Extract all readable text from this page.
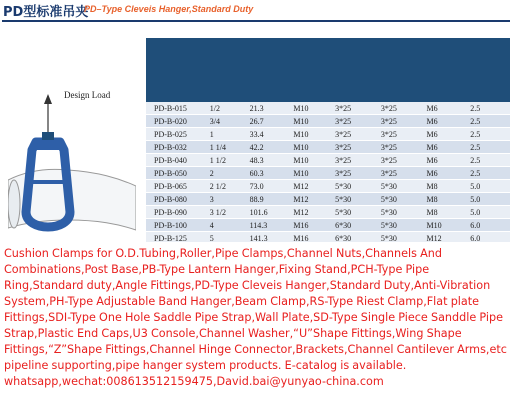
PD型标准吊夹
PD–Type Cleveis Hanger,Standard Duty
Design Load
PD-B-015	1/2	21.3	M10	3*25	3*25	M6	2.5
PD-B-020	3/4	26.7	M10	3*25	3*25	M6	2.5
PD-B-025	1	33.4	M10	3*25	3*25	M6	2.5
PD-B-032	1 1/4	42.2	M10	3*25	3*25	M6	2.5
PD-B-040	1 1/2	48.3	M10	3*25	3*25	M6	2.5
PD-B-050	2	60.3	M10	3*25	3*25	M6	2.5
PD-B-065	2 1/2	73.0	M12	5*30	5*30	M8	5.0
PD-B-080	3	88.9	M12	5*30	5*30	M8	5.0
PD-B-090	3 1/2	101.6	M12	5*30	5*30	M8	5.0
PD-B-100	4	114.3	M16	6*30	5*30	M10	6.0
PD-B-125	5	141.3	M16	6*30	5*30	M12	6.0

Cushion Clamps for O.D.Tubing,Roller,Pipe Clamps,Channel Nuts,Channels And Combinations,Post Base,PB-Type Lantern Hanger,Fixing Stand,PCH-Type Pipe Ring,Standard duty,Angle Fittings,PD-Type Cleveis Hanger,Standard Duty,Anti-Vibration System,PH-Type Adjustable Band Hanger,Beam Clamp,RS-Type Riest Clamp,Flat plate Fittings,SDI-Type One Hole Saddle Pipe Strap,Wall Plate,SD-Type Single Piece Sanddle Pipe Strap,Plastic End Caps,U3 Console,Channel Washer,“U”Shape Fittings,Wing Shape Fittings,“Z”Shape Fittings,Channel Hinge Connector,Brackets,Channel Cantilever Arms,etc pipeline supporting,pipe hanger system products. E-catalog is available. whatsapp,wechat:008613512159475,David.bai@yunyao-china.com
